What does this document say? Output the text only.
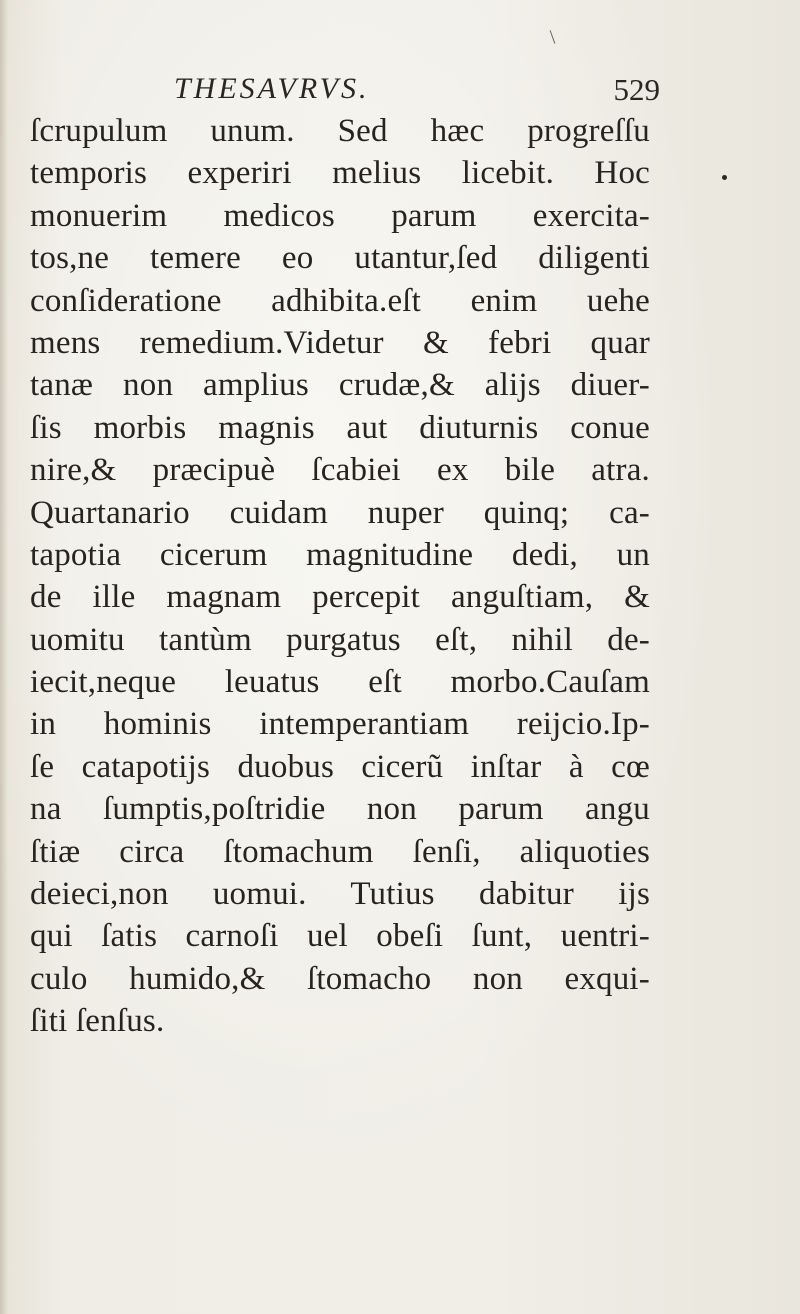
THESAVRVS.	529
ſcrupulum unum. Sed hæc progreſſu
temporis experiri melius licebit. Hoc
monuerim medicos parum exercita-
tos,ne temere eo utantur,ſed diligenti
conſideratione adhibita.eſt enim uehe
mens remedium.Videtur & febri quar
tanæ non amplius crudæ,& alijs diuer-
ſis morbis magnis aut diuturnis conue
nire,& præcipuè ſcabiei ex bile atra.
Quartanario cuidam nuper quinq; ca-
tapotia cicerum magnitudine dedi, un
de ille magnam percepit anguſtiam, &
uomitu tantùm purgatus eſt, nihil de-
iecit,neque leuatus eſt morbo.Cauſam
in hominis intemperantiam reijcio.Ip-
ſe catapotijs duobus cicerũ inſtar à cœ
na ſumptis,poſtridie non parum angu
ſtiæ circa ſtomachum ſenſi, aliquoties
deieci,non uomui. Tutius dabitur ijs
qui ſatis carnoſi uel obeſi ſunt, uentri-
culo humido,& ſtomacho non exqui-
ſiti ſenſus.
